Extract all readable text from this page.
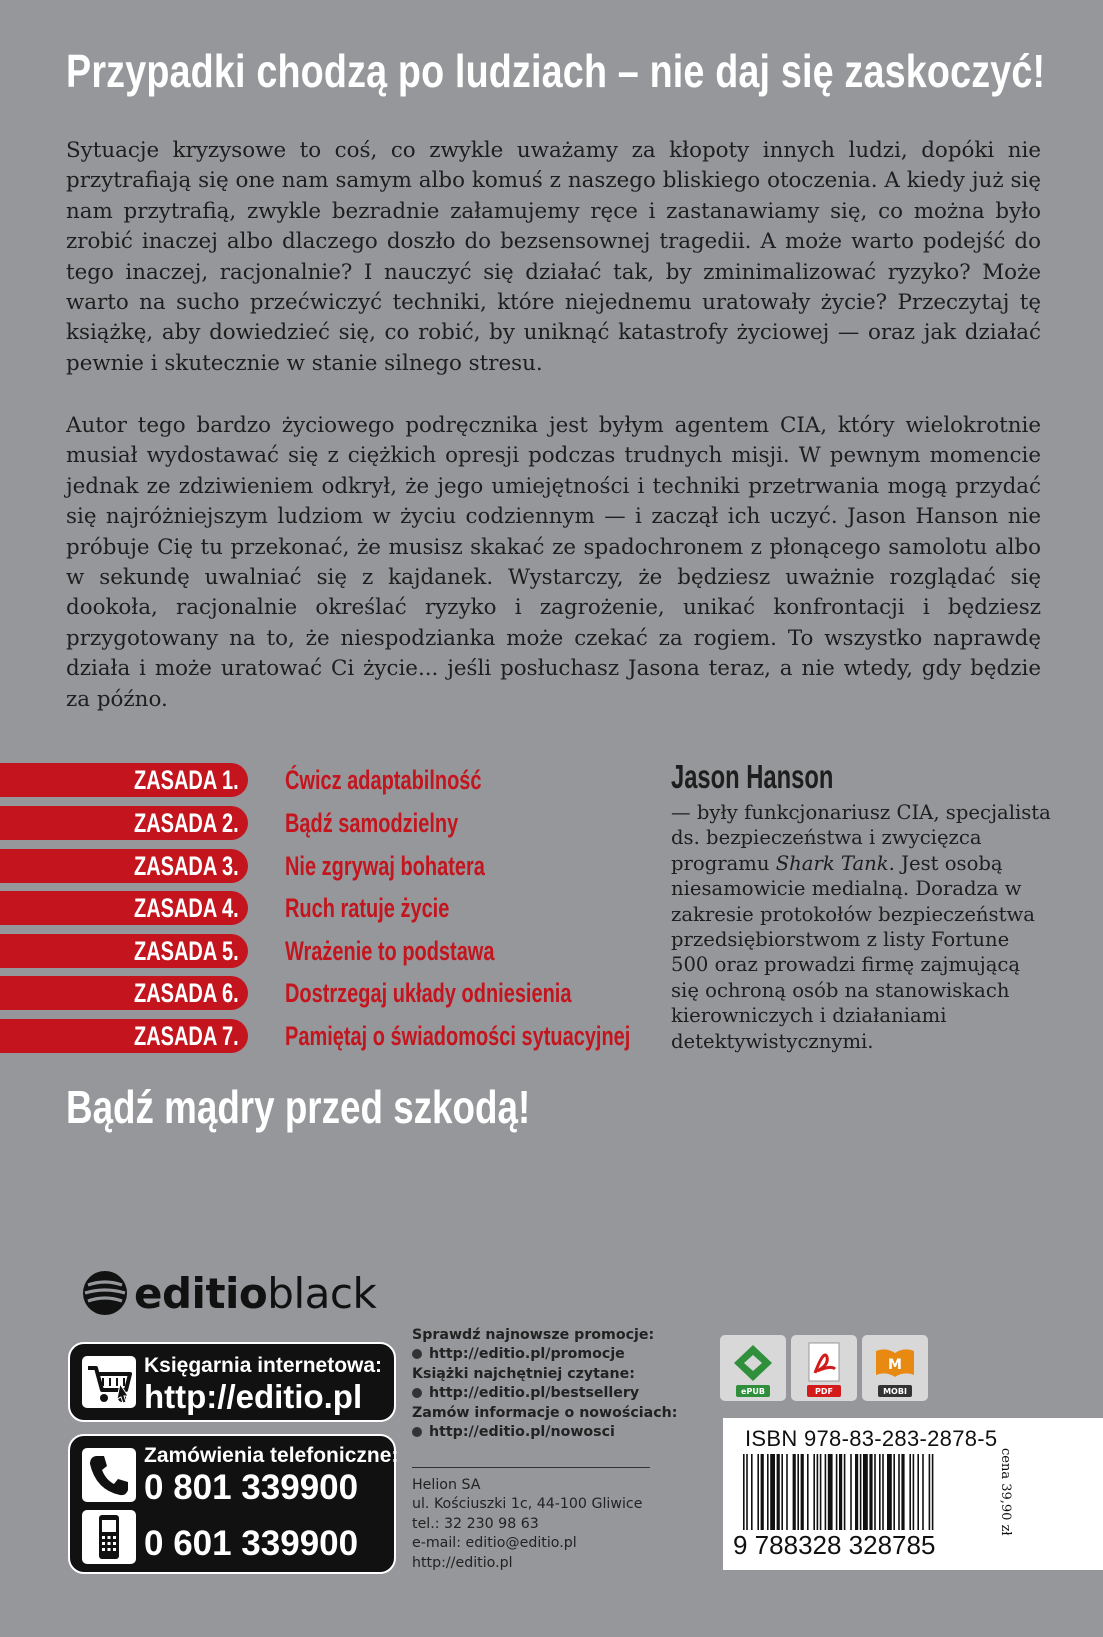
Przypadki chodzą po ludziach – nie daj się zaskoczyć!

Sytuacje kryzysowe to coś, co zwykle uważamy za kłopoty innych ludzi, dopóki nie przytrafiają się one nam samym albo komuś z naszego bliskiego otoczenia. A kiedy już się nam przytrafią, zwykle bezradnie załamujemy ręce i zastanawiamy się, co można było zrobić inaczej albo dlaczego doszło do bezsensownej tragedii. A może warto podejść do tego inaczej, racjonalnie? I nauczyć się działać tak, by zminimalizować ryzyko? Może warto na sucho przećwiczyć techniki, które niejednemu uratowały życie? Przeczytaj tę książkę, aby dowiedzieć się, co robić, by uniknąć katastrofy życiowej — oraz jak działać pewnie i skutecznie w stanie silnego stresu.

Autor tego bardzo życiowego podręcznika jest byłym agentem CIA, który wielokrotnie musiał wydostawać się z ciężkich opresji podczas trudnych misji. W pewnym momencie jednak ze zdziwieniem odkrył, że jego umiejętności i techniki przetrwania mogą przydać się najróżniejszym ludziom w życiu codziennym — i zaczął ich uczyć. Jason Hanson nie próbuje Cię tu przekonać, że musisz skakać ze spadochronem z płonącego samolotu albo w sekundę uwalniać się z kajdanek. Wystarczy, że będziesz uważnie rozglądać się dookoła, racjonalnie określać ryzyko i zagrożenie, unikać konfrontacji i będziesz przygotowany na to, że niespodzianka może czekać za rogiem. To wszystko naprawdę działa i może uratować Ci życie... jeśli posłuchasz Jasona teraz, a nie wtedy, gdy będzie za późno.

ZASADA 1. Ćwicz adaptabilność
ZASADA 2. Bądź samodzielny
ZASADA 3. Nie zgrywaj bohatera
ZASADA 4. Ruch ratuje życie
ZASADA 5. Wrażenie to podstawa
ZASADA 6. Dostrzegaj układy odniesienia
ZASADA 7. Pamiętaj o świadomości sytuacyjnej
Jason Hanson

— były funkcjonariusz CIA, specjalista ds. bezpieczeństwa i zwycięzca programu Shark Tank. Jest osobą niesamowicie medialną. Doradza w zakresie protokołów bezpieczeństwa przedsiębiorstwom z listy Fortune 500 oraz prowadzi firmę zajmującą się ochroną osób na stanowiskach kierowniczych i działaniami detektywistycznymi.

Bądź mądry przed szkodą!
editioblack
Księgarnia internetowa:
http://editio.pl
Zamówienia telefoniczne:
0 801 339900
0 601 339900
Sprawdź najnowsze promocje:
http://editio.pl/promocje
Książki najchętniej czytane:
http://editio.pl/bestsellery
Zamów informacje o nowościach:
http://editio.pl/nowosci
Helion SA
ul. Kościuszki 1c, 44-100 Gliwice
tel.: 32 230 98 63
e-mail: editio@editio.pl
http://editio.pl
ePUB	PDF
M
MOBI
ISBN 978-83-283-2878-5
9 788328 328785
cena 39,90 zł
